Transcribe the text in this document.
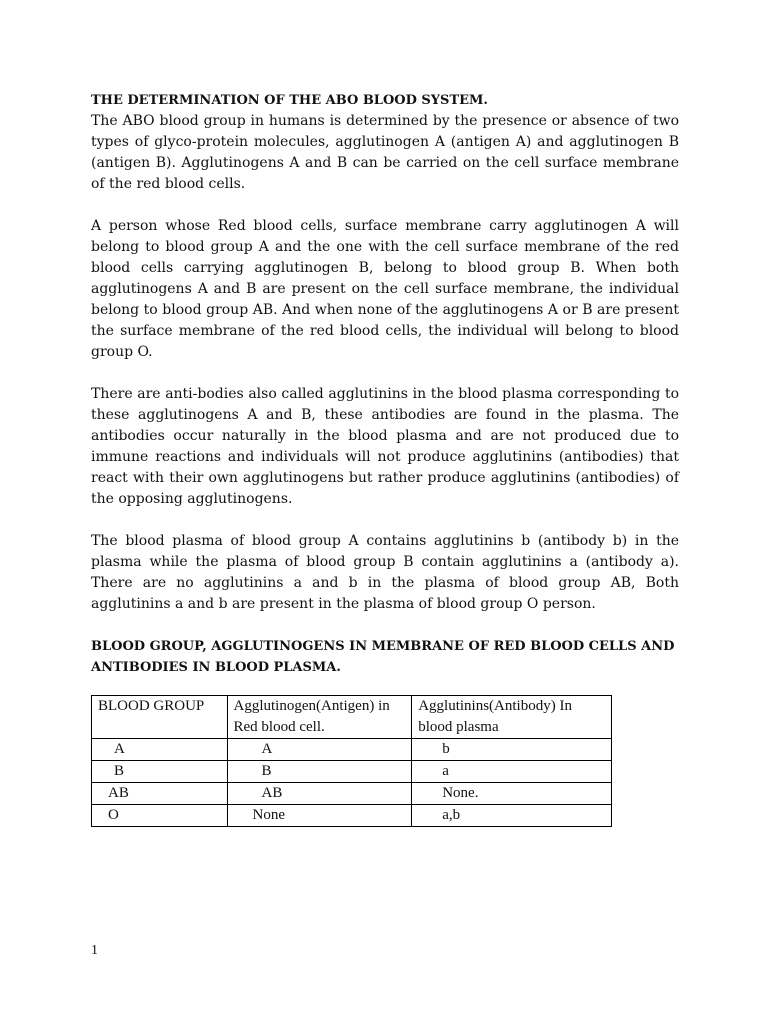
THE DETERMINATION OF THE ABO BLOOD SYSTEM.

The ABO blood group in humans is determined by the presence or absence of two types of glyco-protein molecules, agglutinogen A (antigen A) and agglutinogen B (antigen B). Agglutinogens A and B can be carried on the cell surface membrane of the red blood cells.

A person whose Red blood cells, surface membrane carry agglutinogen A will belong to blood group A and the one with the cell surface membrane of the red blood cells carrying agglutinogen B, belong to blood group B. When both agglutinogens A and B are present on the cell surface membrane, the individual belong to blood group AB. And when none of the agglutinogens A or B are present the surface membrane of the red blood cells, the individual will belong to blood group O.

There are anti-bodies also called agglutinins in the blood plasma corresponding to these agglutinogens A and B, these antibodies are found in the plasma. The antibodies occur naturally in the blood plasma and are not produced due to immune reactions and individuals will not produce agglutinins (antibodies) that react with their own agglutinogens but rather produce agglutinins (antibodies) of the opposing agglutinogens.

The blood plasma of blood group A contains agglutinins b (antibody b) in the plasma while the plasma of blood group B contain agglutinins a (antibody a). There are no agglutinins a and b in the plasma of blood group AB, Both agglutinins a and b are present in the plasma of blood group O person.

BLOOD GROUP, AGGLUTINOGENS IN MEMBRANE OF RED BLOOD CELLS AND ANTIBODIES IN BLOOD PLASMA.
BLOOD GROUP	Agglutinogen(Antigen) in Red blood cell.	Agglutinins(Antibody) In blood plasma
A	A	b
B	B	a
AB	AB	None.
O	None	a,b
1
